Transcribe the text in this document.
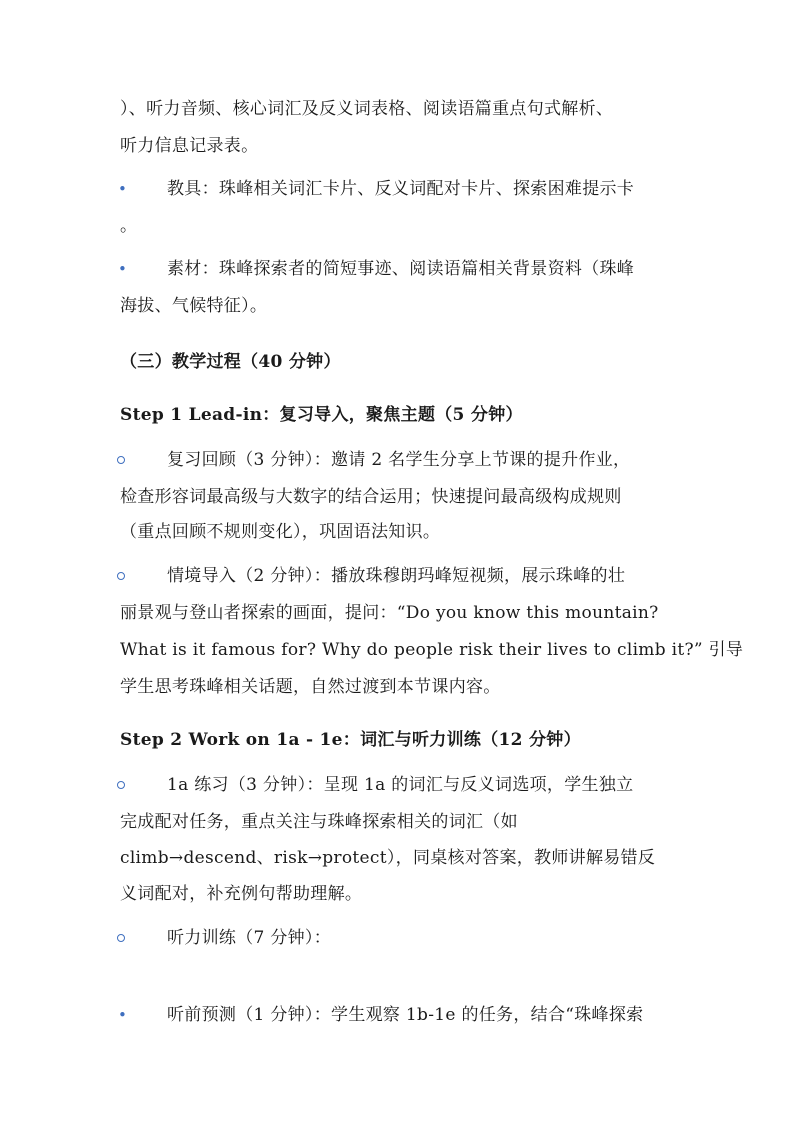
）、听力音频、核心词汇及反义词表格、阅读语篇重点句式解析、
听力信息记录表。
• 教具：珠峰相关词汇卡片、反义词配对卡片、探索困难提示卡
。
• 素材：珠峰探索者的简短事迹、阅读语篇相关背景资料（珠峰
海拔、气候特征）。
（三）教学过程（40 分钟）
Step 1 Lead-in：复习导入，聚焦主题（5 分钟）
复习回顾（3 分钟）：邀请 2 名学生分享上节课的提升作业，
检查形容词最高级与大数字的结合运用；快速提问最高级构成规则
（重点回顾不规则变化），巩固语法知识。
情境导入（2 分钟）：播放珠穆朗玛峰短视频，展示珠峰的壮
丽景观与登山者探索的画面，提问：“Do you know this mountain?
What is it famous for? Why do people risk their lives to climb it?” 引导
学生思考珠峰相关话题，自然过渡到本节课内容。
Step 2 Work on 1a - 1e：词汇与听力训练（12 分钟）
1a 练习（3 分钟）：呈现 1a 的词汇与反义词选项，学生独立
完成配对任务，重点关注与珠峰探索相关的词汇（如
climb→descend、risk→protect），同桌核对答案，教师讲解易错反
义词配对，补充例句帮助理解。
听力训练（7 分钟）：
• 听前预测（1 分钟）：学生观察 1b-1e 的任务，结合“珠峰探索
